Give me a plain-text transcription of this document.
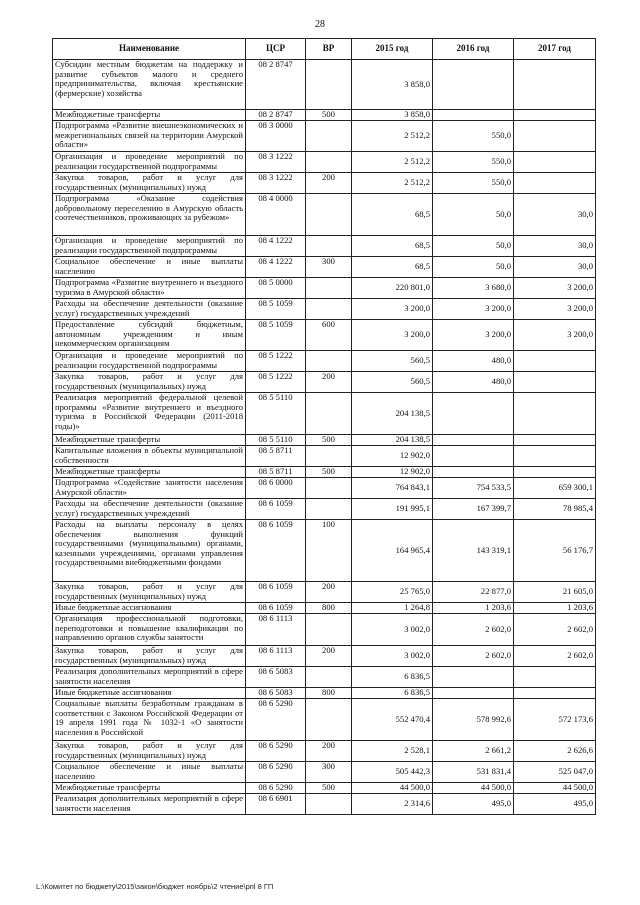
28
Наименование	ЦСР	ВР	2015 год	2016 год	2017 год
Субсидии местным бюджетам на поддержку и развитие субъектов малого и среднего предпринимательства, включая крестьянские (фермерские) хозяйства	08 2 8747		3 858,0		
Межбюджетные трансферты	08 2 8747	500	3 858,0		
Подпрограмма «Развитие внешнеэкономических и межрегиональных связей на территории Амурской области»	08 3 0000		2 512,2	550,0	
Организация и проведение мероприятий по реализации государственной подпрограммы	08 3 1222		2 512,2	550,0	
Закупка товаров, работ и услуг для государственных (муниципальных) нужд	08 3 1222	200	2 512,2	550,0	
Подпрограмма «Оказание содействия добровольному переселению в Амурскую область соотечественников, проживающих за рубежом»	08 4 0000		68,5	50,0	30,0
Организация и проведение мероприятий по реализации государственной подпрограммы	08 4 1222		68,5	50,0	30,0
Социальное обеспечение и иные выплаты населению	08 4 1222	300	68,5	50,0	30,0
Подпрограмма «Развитие внутреннего и въездного туризма в Амурской области»	08 5 0000		220 801,0	3 680,0	3 200,0
Расходы на обеспечение деятельности (оказание услуг) государственных учреждений	08 5 1059		3 200,0	3 200,0	3 200,0
Предоставление субсидий бюджетным, автономным учреждениям и иным некоммерческим организациям	08 5 1059	600	3 200,0	3 200,0	3 200,0
Организация и проведение мероприятий по реализации государственной подпрограммы	08 5 1222		560,5	480,0	
Закупка товаров, работ и услуг для государственных (муниципальных) нужд	08 5 1222	200	560,5	480,0	
Реализация мероприятий федеральной целевой программы «Развитие внутреннего и въездного туризма в Российской Федерации (2011-2018 годы)»	08 5 5110		204 138,5		
Межбюджетные трансферты	08 5 5110	500	204 138,5		
Капитальные вложения в объекты муниципальной собственности	08 5 8711		12 902,0		
Межбюджетные трансферты	08 5 8711	500	12 902,0		
Подпрограмма «Содействие занятости населения Амурской области»	08 6 0000		764 843,1	754 533,5	659 300,1
Расходы на обеспечение деятельности (оказание услуг) государственных учреждений	08 6 1059		191 995,1	167 399,7	78 985,4
Расходы на выплаты персоналу в целях обеспечения выполнения функций государственными (муниципальными) органами, казенными учреждениями, органами управления государственными внебюджетными фондами	08 6 1059	100	164 965,4	143 319,1	56 176,7
Закупка товаров, работ и услуг для государственных (муниципальных) нужд	08 6 1059	200	25 765,0	22 877,0	21 605,0
Иные бюджетные ассигнования	08 6 1059	800	1 264,8	1 203,6	1 203,6
Организация профессиональной подготовки, переподготовки и повышение квалификации по направлению органов службы занятости	08 6 1113		3 002,0	2 602,0	2 602,0
Закупка товаров, работ и услуг для государственных (муниципальных) нужд	08 6 1113	200	3 002,0	2 602,0	2 602,0
Реализация дополнительных мероприятий в сфере занятости населения	08 6 5083		6 836,5		
Иные бюджетные ассигнования	08 6 5083	800	6 836,5		
Социальные выплаты безработным гражданам в соответствии с Законом Российской Федерации от 19 апреля 1991 года № 1032-1 «О занятости населения в Российской	08 6 5290		552 470,4	578 992,6	572 173,6
Закупка товаров, работ и услуг для государственных (муниципальных) нужд	08 6 5290	200	2 528,1	2 661,2	2 626,6
Социальное обеспечение и иные выплаты населению	08 6 5290	300	505 442,3	531 831,4	525 047,0
Межбюджетные трансферты	08 6 5290	500	44 500,0	44 500,0	44 500,0
Реализация дополнительных мероприятий в сфере занятости населения	08 6 6901		2 314,6	495,0	495,0
L:\Комитет по бюджету\2015\закон\бюджет ноябрь\2 чтение\рпl 8 ГП
